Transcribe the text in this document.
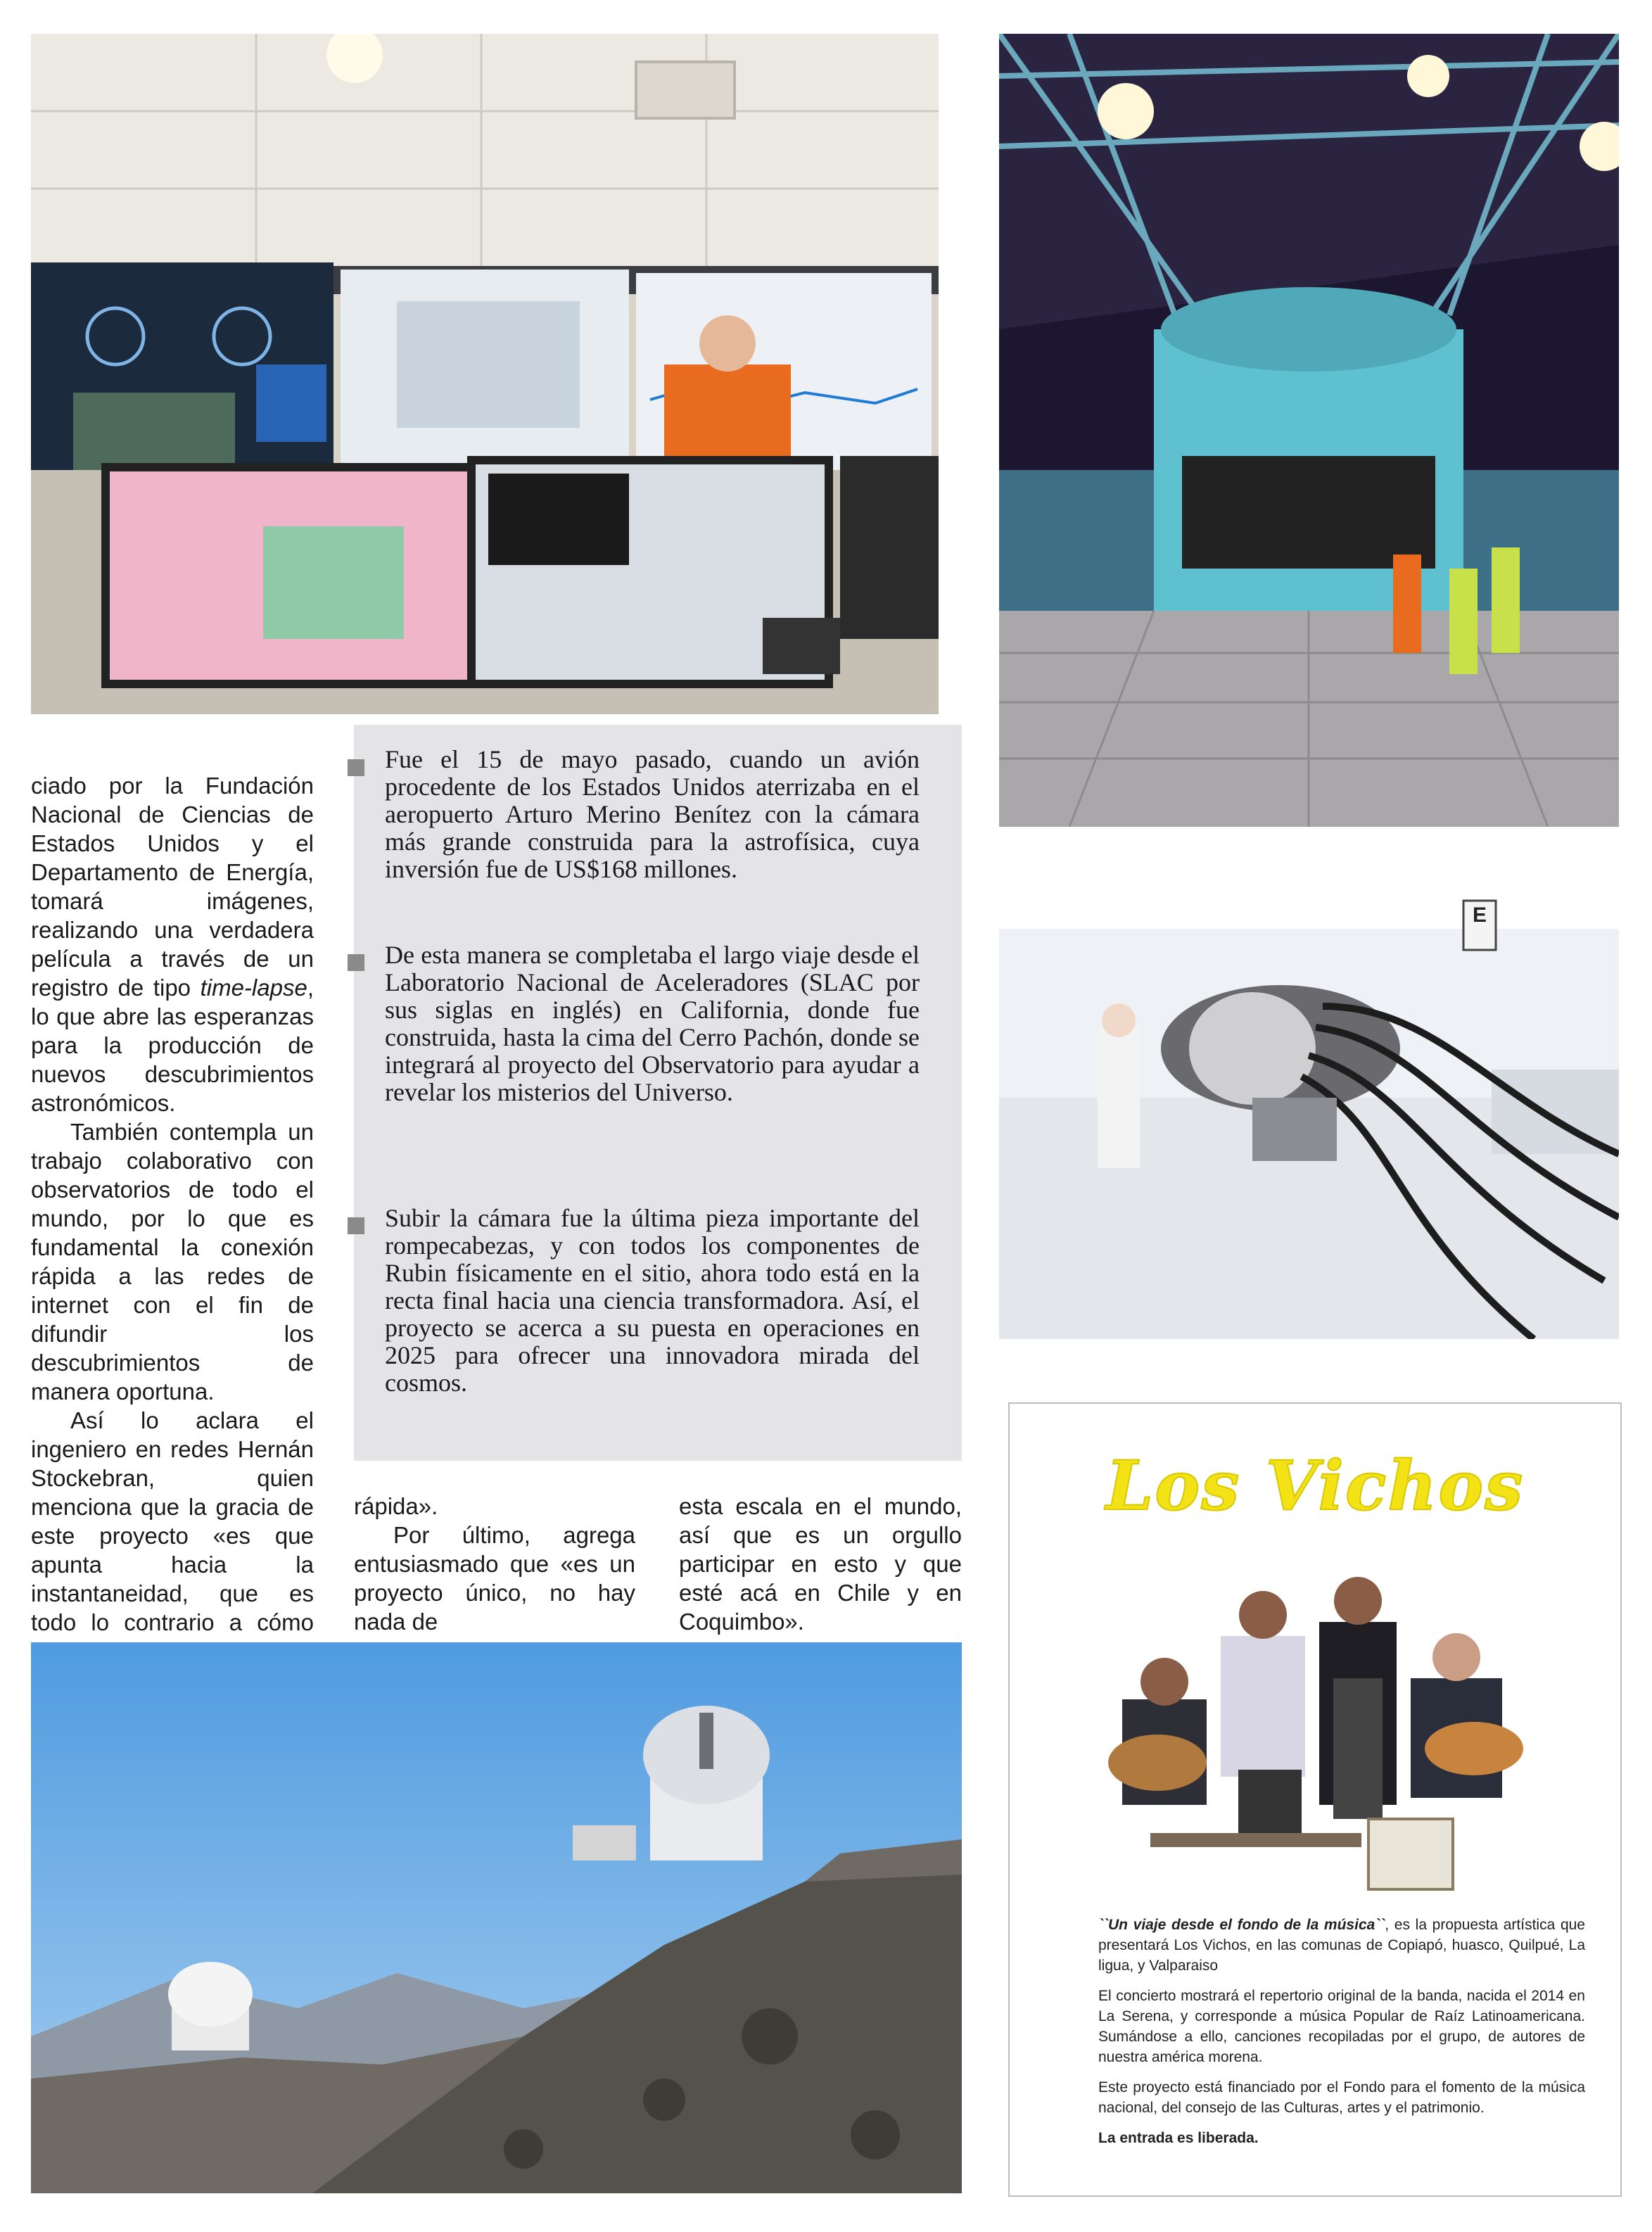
ciado por la Fundación Nacional de Ciencias de Estados Unidos y el Departamento de Energía, tomará imágenes, realizando una verdadera película a través de un registro de tipo time-lapse, lo que abre las esperanzas para la producción de nuevos descubrimientos astronómicos.

También contempla un trabajo colaborativo con observatorios de todo el mundo, por lo que es fundamental la conexión rápida a las redes de internet con el fin de difundir los descubrimientos de manera oportuna.

Así lo aclara el ingeniero en redes Hernán Stockebran, quien menciona que la gracia de este proyecto «es que apunta hacia la instantaneidad, que es todo lo contrario a cómo

Fue el 15 de mayo pasado, cuando un avión procedente de los Estados Unidos aterrizaba en el aeropuerto Arturo Merino Benítez con la cámara más grande construida para la astrofísica, cuya inversión fue de US$168 millones.

De esta manera se completaba el largo viaje desde el Laboratorio Nacional de Aceleradores (SLAC por sus siglas en inglés) en California, donde fue construida, hasta la cima del Cerro Pachón, donde se integrará al proyecto del Observatorio para ayudar a revelar los misterios del Universo.

Subir la cámara fue la última pieza importante del rompecabezas, y con todos los componentes de Rubin físicamente en el sitio, ahora todo está en la recta final hacia una ciencia transformadora. Así, el proyecto se acerca a su puesta en operaciones en 2025 para ofrecer una innovadora mirada del cosmos.

rápida».

Por último, agrega entusiasmado que «es un proyecto único, no hay nada de

esta escala en el mundo, así que es un orgullo participar en esto y que esté acá en Chile y en Coquimbo».

Los Vichos

``Un viaje desde el fondo de la música``, es la propuesta artística que presentará Los Vichos, en las comunas de Copiapó, huasco, Quilpué, La ligua, y Valparaiso

El concierto mostrará el repertorio original de la banda, nacida el 2014 en La Serena, y corresponde a música Popular de Raíz Latinoamericana. Sumándose a ello, canciones recopiladas por el grupo, de autores de nuestra américa morena.

Este proyecto está financiado por el Fondo para el fomento de la música nacional, del consejo de las Culturas, artes y el patrimonio.

La entrada es liberada.

E
